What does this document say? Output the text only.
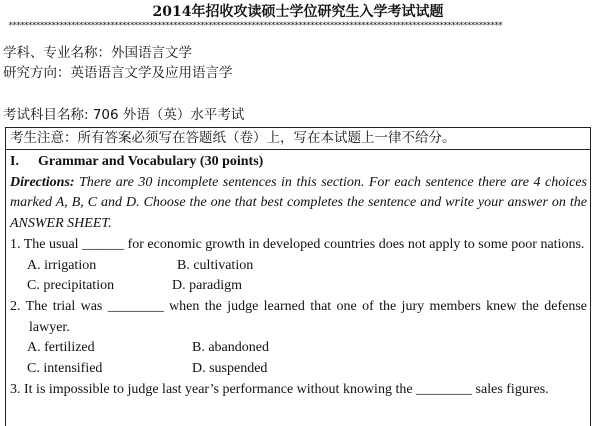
2014年招收攻读硕士学位研究生入学考试试题
******************************************************************************************************************************
学科、专业名称：外国语言文学
研究方向：英语语言文学及应用语言学
考试科目名称: 706 外语（英）水平考试
考生注意：所有答案必须写在答题纸（卷）上，写在本试题上一律不给分。
I. Grammar and Vocabulary (30 points)
Directions: There are 30 incomplete sentences in this section. For each sentence there are 4 choices marked A, B, C and D. Choose the one that best completes the sentence and write your answer on the ANSWER SHEET.
1. The usual ______ for economic growth in developed countries does not apply to some poor nations.
A. irrigation	B. cultivation
C. precipitation	D. paradigm
2. The trial was ________ when the judge learned that one of the jury members knew the defense lawyer.
A. fertilized	B. abandoned
C. intensified	D. suspended
3. It is impossible to judge last year’s performance without knowing the ________ sales figures.
